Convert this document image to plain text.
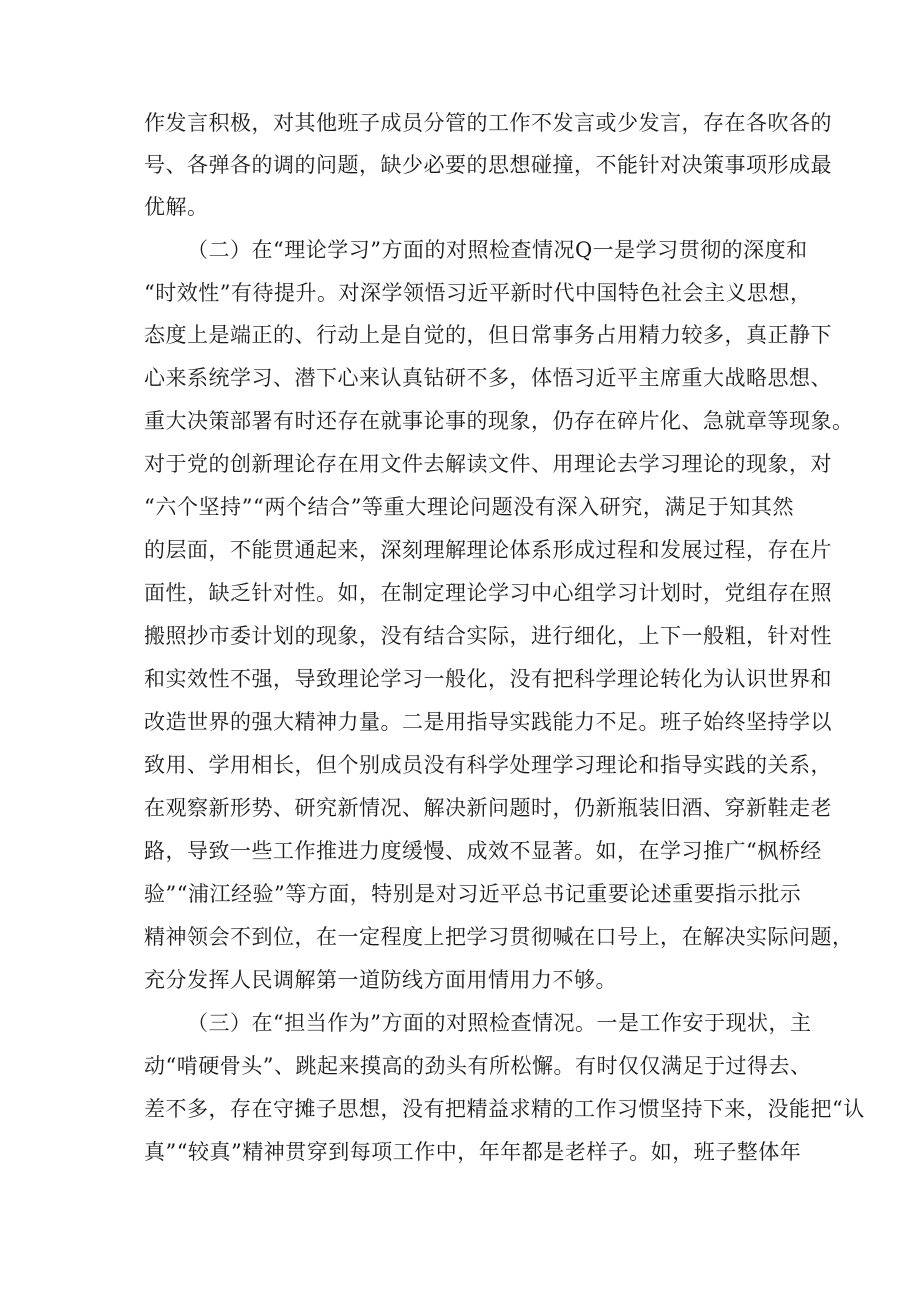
作发言积极，对其他班子成员分管的工作不发言或少发言，存在各吹各的
号、各弹各的调的问题，缺少必要的思想碰撞，不能针对决策事项形成最
优解。
（二）在“理论学习”方面的对照检查情况Q一是学习贯彻的深度和
“时效性”有待提升。对深学领悟习近平新时代中国特色社会主义思想，
态度上是端正的、行动上是自觉的，但日常事务占用精力较多，真正静下
心来系统学习、潜下心来认真钻研不多，体悟习近平主席重大战略思想、
重大决策部署有时还存在就事论事的现象，仍存在碎片化、急就章等现象。
对于党的创新理论存在用文件去解读文件、用理论去学习理论的现象，对
“六个坚持”“两个结合”等重大理论问题没有深入研究，满足于知其然
的层面，不能贯通起来，深刻理解理论体系形成过程和发展过程，存在片
面性，缺乏针对性。如，在制定理论学习中心组学习计划时，党组存在照
搬照抄市委计划的现象，没有结合实际，进行细化，上下一般粗，针对性
和实效性不强，导致理论学习一般化，没有把科学理论转化为认识世界和
改造世界的强大精神力量。二是用指导实践能力不足。班子始终坚持学以
致用、学用相长，但个别成员没有科学处理学习理论和指导实践的关系，
在观察新形势、研究新情况、解决新问题时，仍新瓶装旧酒、穿新鞋走老
路，导致一些工作推进力度缓慢、成效不显著。如，在学习推广“枫桥经
验”“浦江经验”等方面，特别是对习近平总书记重要论述重要指示批示
精神领会不到位，在一定程度上把学习贯彻喊在口号上，在解决实际问题，
充分发挥人民调解第一道防线方面用情用力不够。
（三）在“担当作为”方面的对照检查情况。一是工作安于现状，主
动“啃硬骨头”、跳起来摸高的劲头有所松懈。有时仅仅满足于过得去、
差不多，存在守摊子思想，没有把精益求精的工作习惯坚持下来，没能把“认
真”“较真”精神贯穿到每项工作中，年年都是老样子。如，班子整体年
